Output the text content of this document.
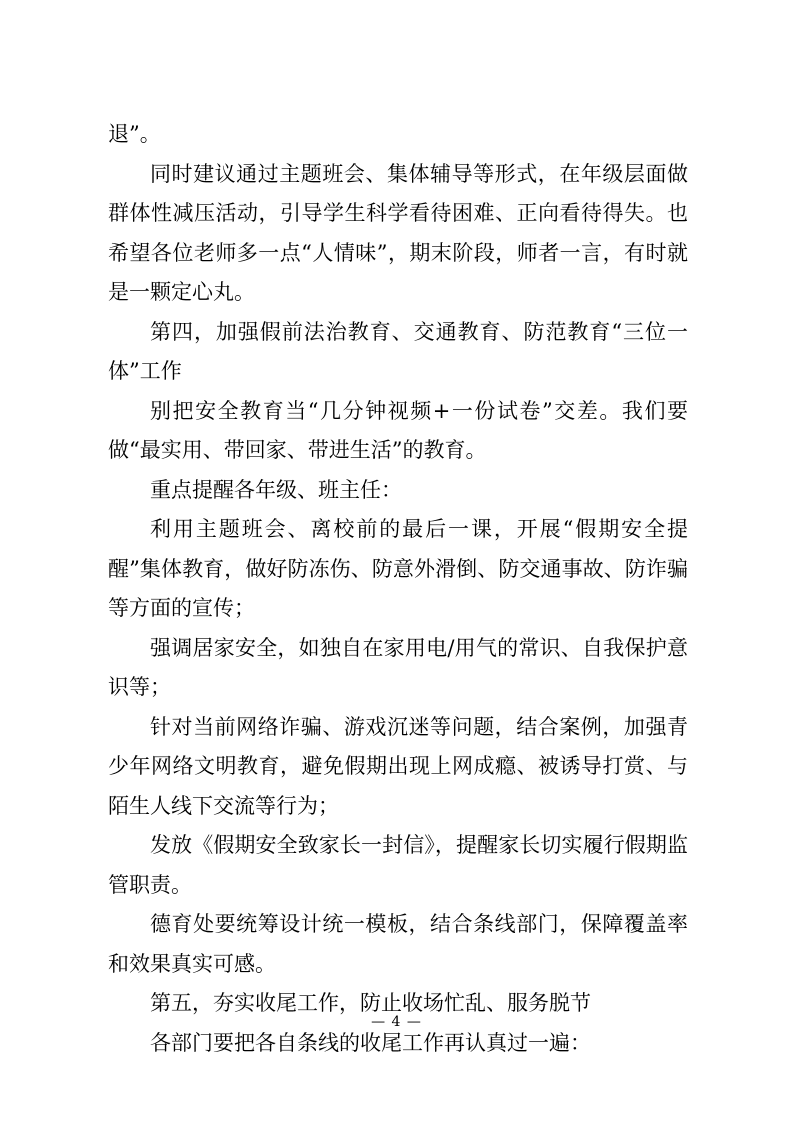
退”。

同时建议通过主题班会、集体辅导等形式，在年级层面做群体性减压活动，引导学生科学看待困难、正向看待得失。也希望各位老师多一点“人情味”，期末阶段，师者一言，有时就是一颗定心丸。

第四，加强假前法治教育、交通教育、防范教育“三位一体”工作

别把安全教育当“几分钟视频+一份试卷”交差。我们要做“最实用、带回家、带进生活”的教育。

重点提醒各年级、班主任：

利用主题班会、离校前的最后一课，开展“假期安全提醒”集体教育，做好防冻伤、防意外滑倒、防交通事故、防诈骗等方面的宣传；

强调居家安全，如独自在家用电/用气的常识、自我保护意识等；

针对当前网络诈骗、游戏沉迷等问题，结合案例，加强青少年网络文明教育，避免假期出现上网成瘾、被诱导打赏、与陌生人线下交流等行为；

发放《假期安全致家长一封信》，提醒家长切实履行假期监管职责。

德育处要统筹设计统一模板，结合条线部门，保障覆盖率和效果真实可感。

第五，夯实收尾工作，防止收场忙乱、服务脱节

各部门要把各自条线的收尾工作再认真过一遍：

— 4 —
